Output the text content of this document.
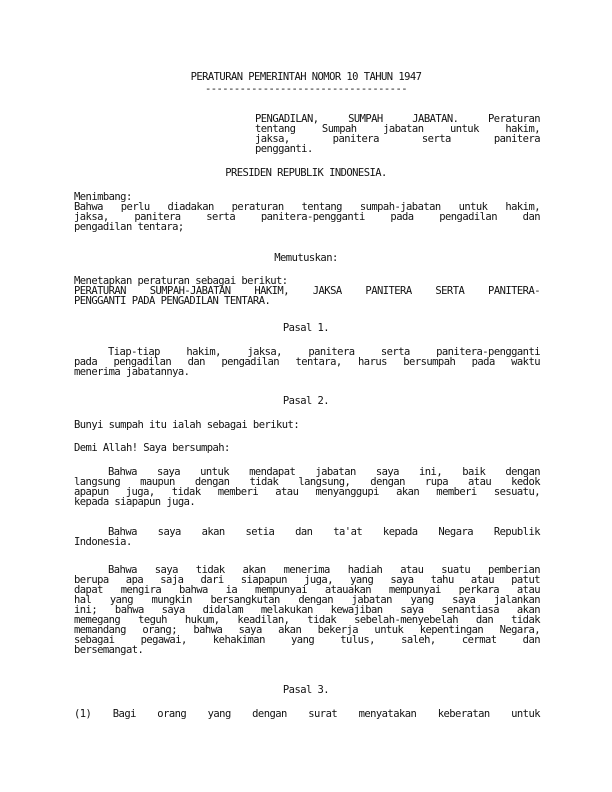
PERATURAN PEMERINTAH NOMOR 10 TAHUN 1947
-----------------------------------
PENGADILAN, SUMPAH JABATAN. Peraturan
tentang Sumpah jabatan untuk hakim,
jaksa, panitera serta panitera
pengganti.
PRESIDEN REPUBLIK INDONESIA.
Menimbang:
Bahwa perlu diadakan peraturan tentang sumpah-jabatan untuk hakim,
jaksa, panitera serta panitera-pengganti pada pengadilan dan
pengadilan tentara;
Memutuskan:
Menetapkan peraturan sebagai berikut:
PERATURAN SUMPAH-JABATAN HAKIM, JAKSA PANITERA SERTA PANITERA-
PENGGANTI PADA PENGADILAN TENTARA.
Pasal 1.
Tiap-tiap hakim, jaksa, panitera serta panitera-pengganti
pada pengadilan dan pengadilan tentara, harus bersumpah pada waktu
menerima jabatannya.
Pasal 2.
Bunyi sumpah itu ialah sebagai berikut:
Demi Allah! Saya bersumpah:
Bahwa saya untuk mendapat jabatan saya ini, baik dengan
langsung maupun dengan tidak langsung, dengan rupa atau kedok
apapun juga, tidak memberi atau menyanggupi akan memberi sesuatu,
kepada siapapun juga.
Bahwa saya akan setia dan ta'at kepada Negara Republik
Indonesia.
Bahwa saya tidak akan menerima hadiah atau suatu pemberian
berupa apa saja dari siapapun juga, yang saya tahu atau patut
dapat mengira bahwa ia mempunyai atauakan mempunyai perkara atau
hal yang mungkin bersangkutan dengan jabatan yang saya jalankan
ini; bahwa saya didalam melakukan kewajiban saya senantiasa akan
memegang teguh hukum, keadilan, tidak sebelah-menyebelah dan tidak
memandang orang; bahwa saya akan bekerja untuk kepentingan Negara,
sebagai pegawai, kehakiman yang tulus, saleh, cermat dan
bersemangat.
Pasal 3.
(1) Bagi orang yang dengan surat menyatakan keberatan untuk
